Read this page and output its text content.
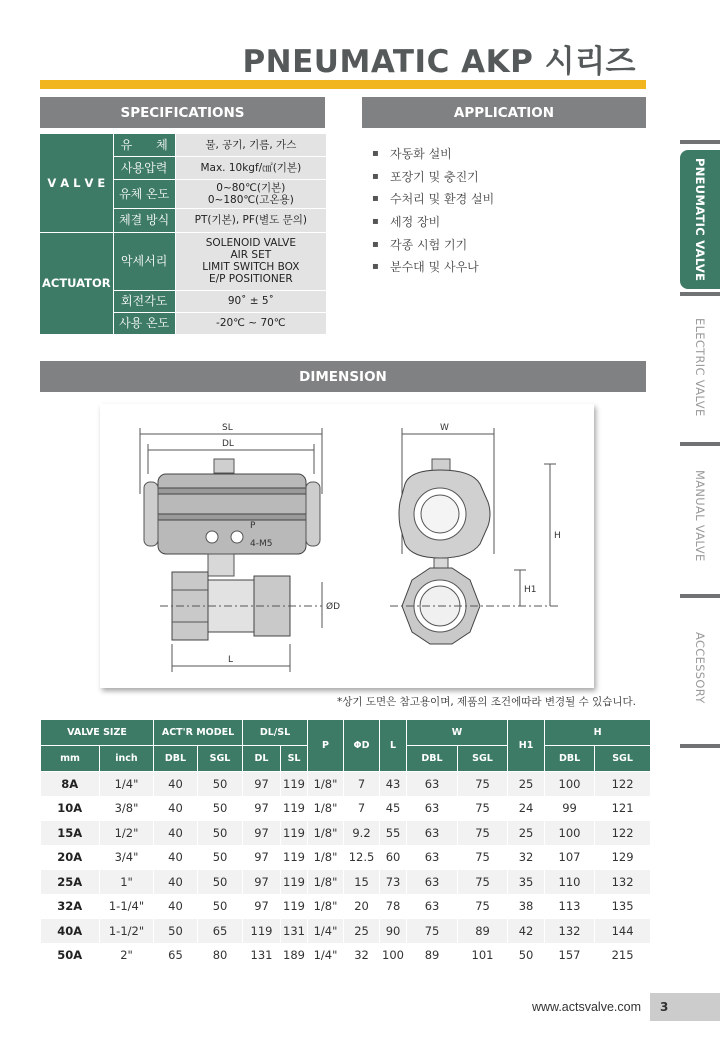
PNEUMATIC AKP 시리즈
SPECIFICATIONS
V A L V E	유　　체	물, 공기, 기름, 가스
	사용압력	Max. 10kgf/㎠(기본)
	유체 온도	0~80℃(기본)
0~180℃(고온용)

	체결 방식	PT(기본), PF(별도 문의)
ACTUATOR	악세서리	SOLENOID VALVE
AIR SET
LIMIT SWITCH BOX
E/P POSITIONER

	회전각도	90˚ ± 5˚
	사용 온도	-20℃ ~ 70℃
APPLICATION
▪ 자동화 설비
▪ 포장기 및 충진기
▪ 수처리 및 환경 설비
▪ 세정 장비
▪ 각종 시험 기기
▪ 분수대 및 사우나
DIMENSION
SL
DL
L
P
4-M5
ØD
W
H
H1
*상기 도면은 참고용이며, 제품의 조건에따라 변경될 수 있습니다.
VALVE SIZE		ACT'R MODEL		DL/SL		P	ΦD	L	W		H1	H	
mm	inch	DBL	SGL	DL	SL				DBL	SGL		DBL	SGL
8A	1/4"	40	50	97	119	1/8"	7	43	63	75	25	100	122
10A	3/8"	40	50	97	119	1/8"	7	45	63	75	24	99	121
15A	1/2"	40	50	97	119	1/8"	9.2	55	63	75	25	100	122
20A	3/4"	40	50	97	119	1/8"	12.5	60	63	75	32	107	129
25A	1"	40	50	97	119	1/8"	15	73	63	75	35	110	132
32A	1-1/4"	40	50	97	119	1/8"	20	78	63	75	38	113	135
40A	1-1/2"	50	65	119	131	1/4"	25	90	75	89	42	132	144
50A	2"	65	80	131	189	1/4"	32	100	89	101	50	157	215
PNEUMATIC VALVE
ELECTRIC VALVE
MANUAL VALVE
ACCESSORY
www.actsvalve.com	3
